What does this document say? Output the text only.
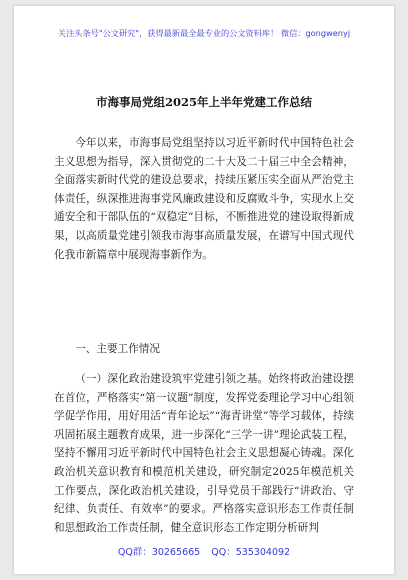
关注头条号"公文研究"，获得最新最全最专业的公文资料库！ 微信：gongwenyj
市海事局党组2025年上半年党建工作总结

今年以来，市海事局党组坚持以习近平新时代中国特色社会主义思想为指导，深入贯彻党的二十大及二十届三中全会精神，全面落实新时代党的建设总要求，持续压紧压实全面从严治党主体责任，纵深推进海事党风廉政建设和反腐败斗争，实现水上交通安全和干部队伍的“双稳定”目标，不断推进党的建设取得新成果，以高质量党建引领我市海事高质量发展，在谱写中国式现代化我市新篇章中展现海事新作为。

一、主要工作情况

（一）深化政治建设筑牢党建引领之基。始终将政治建设摆在首位，严格落实“第一议题”制度，发挥党委理论学习中心组领学促学作用，用好用活“青年论坛”“海青讲堂”等学习载体，持续巩固拓展主题教育成果，进一步深化“三学一讲”理论武装工程，坚持不懈用习近平新时代中国特色社会主义思想凝心铸魂。深化政治机关意识教育和模范机关建设，研究制定2025年模范机关工作要点，深化政治机关建设，引导党员干部践行“讲政治、守纪律、负责任、有效率”的要求。严格落实意识形态工作责任制和思想政治工作责任制，健全意识形态工作定期分析研判

QQ群：30265665 QQ：535304092
